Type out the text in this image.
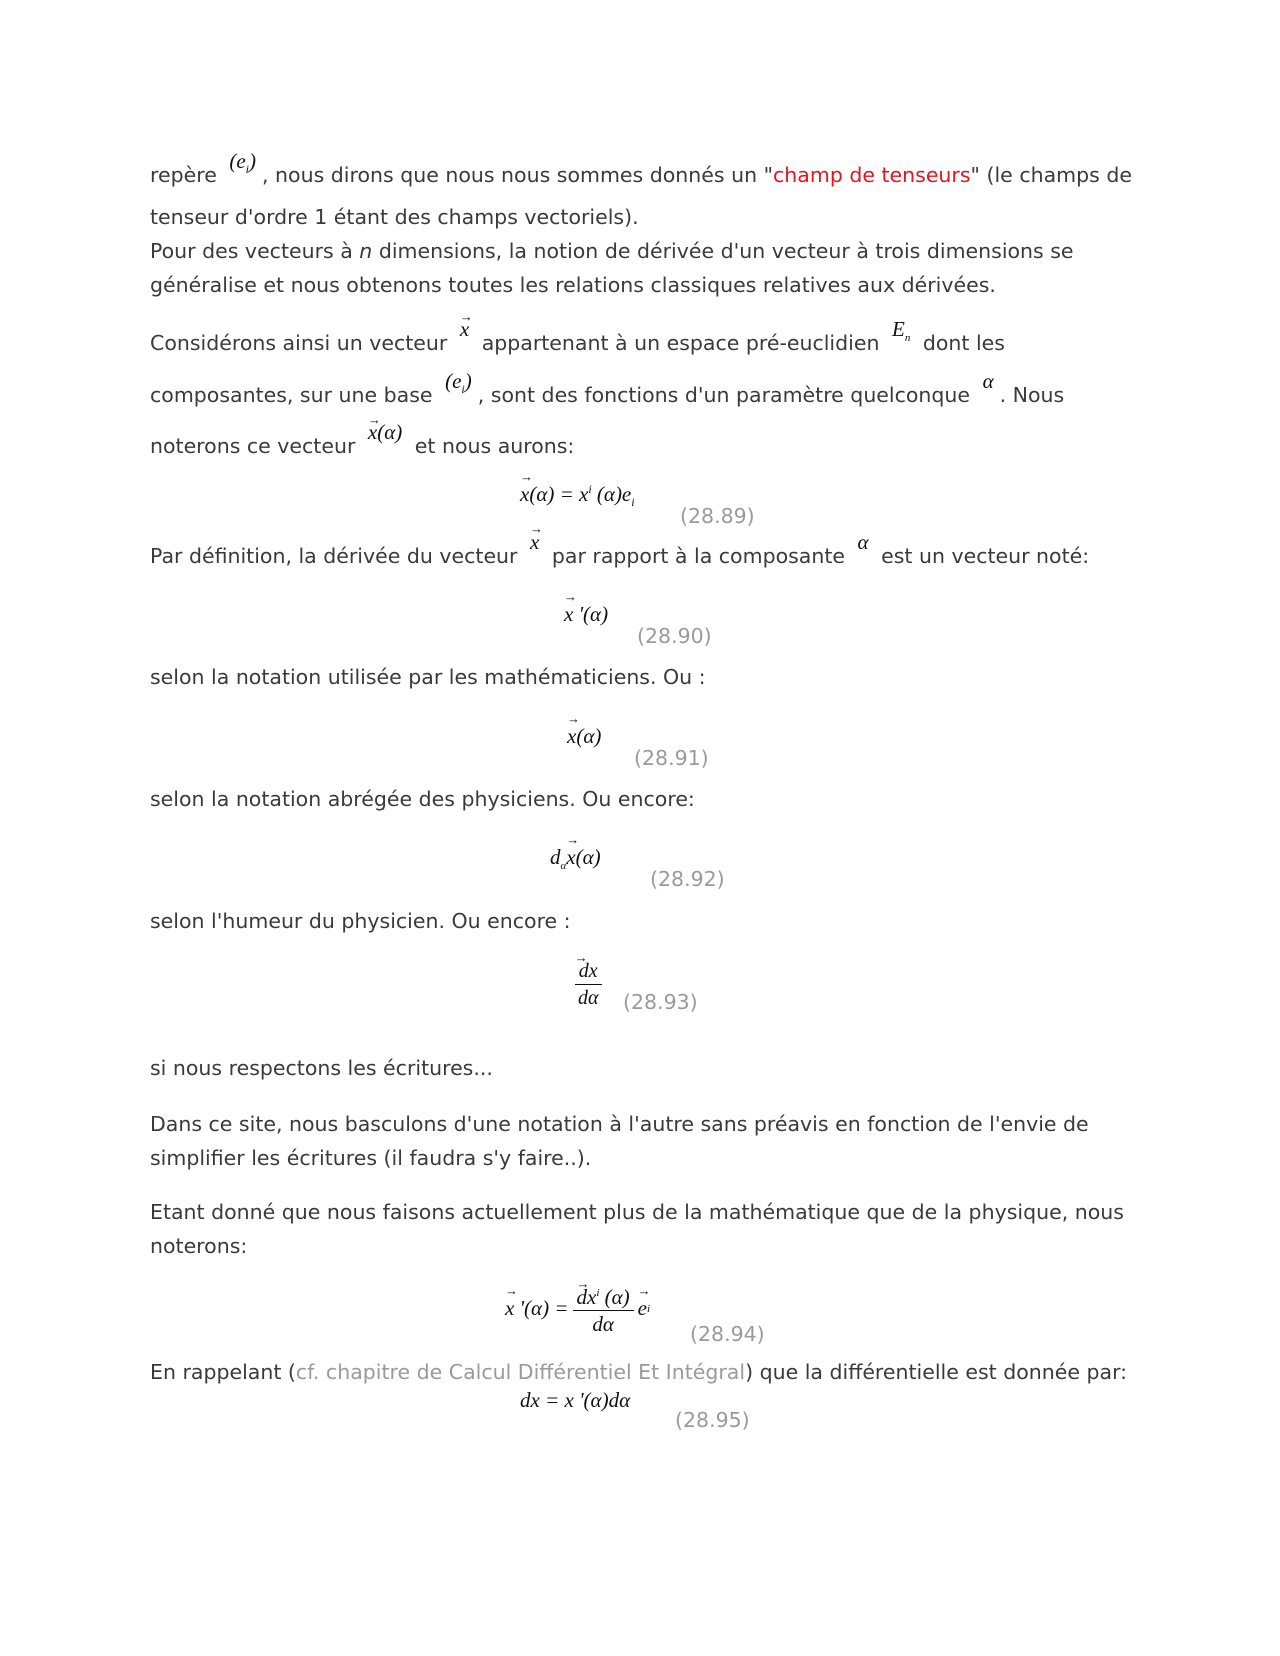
repère $(e_i)$, nous dirons que nous nous sommes donnés un "champ de tenseurs" (le champs de
tenseur d'ordre 1 étant des champs vectoriels).
Pour des vecteurs à n dimensions, la notion de dérivée d'un vecteur à trois dimensions se
généralise et nous obtenons toutes les relations classiques relatives aux dérivées.
Considérons ainsi un vecteur → x appartenant à un espace pré-euclidien $E_n$ dont les
composantes, sur une base $(e_i)$, sont des fonctions d'un paramètre quelconque α. Nous
noterons ce vecteur → x(α) et nous aurons:
→ $x(\alpha) = x^i$ $(\alpha)e_i$
(28.89)
Par définition, la dérivée du vecteur → x par rapport à la composante α est un vecteur noté:
→ x '(α)
(28.90)
selon la notation utilisée par les mathématiciens. Ou :
→ x(α)
(28.91)
selon la notation abrégée des physiciens. Ou encore:
$d_\alpha\to x(\alpha)$
(28.92)
selon l'humeur du physicien. Ou encore :
→ $\frac{dx}{d\alpha} (28.93)$
si nous respectons les écritures...
Dans ce site, nous basculons d'une notation à l'autre sans préavis en fonction de l'envie de
simplifier les écritures (il faudra s'y faire..).
Etant donné que nous faisons actuellement plus de la mathématique que de la physique, nous
noterons:
→ x '(α) =
→ $\frac{dx^i (\alpha)}{d\alpha}$
→ e i
(28.94)
En rappelant (cf. chapitre de Calcul Différentiel Et Intégral) que la différentielle est donnée par:
dx = x '(α)dα
(28.95)
